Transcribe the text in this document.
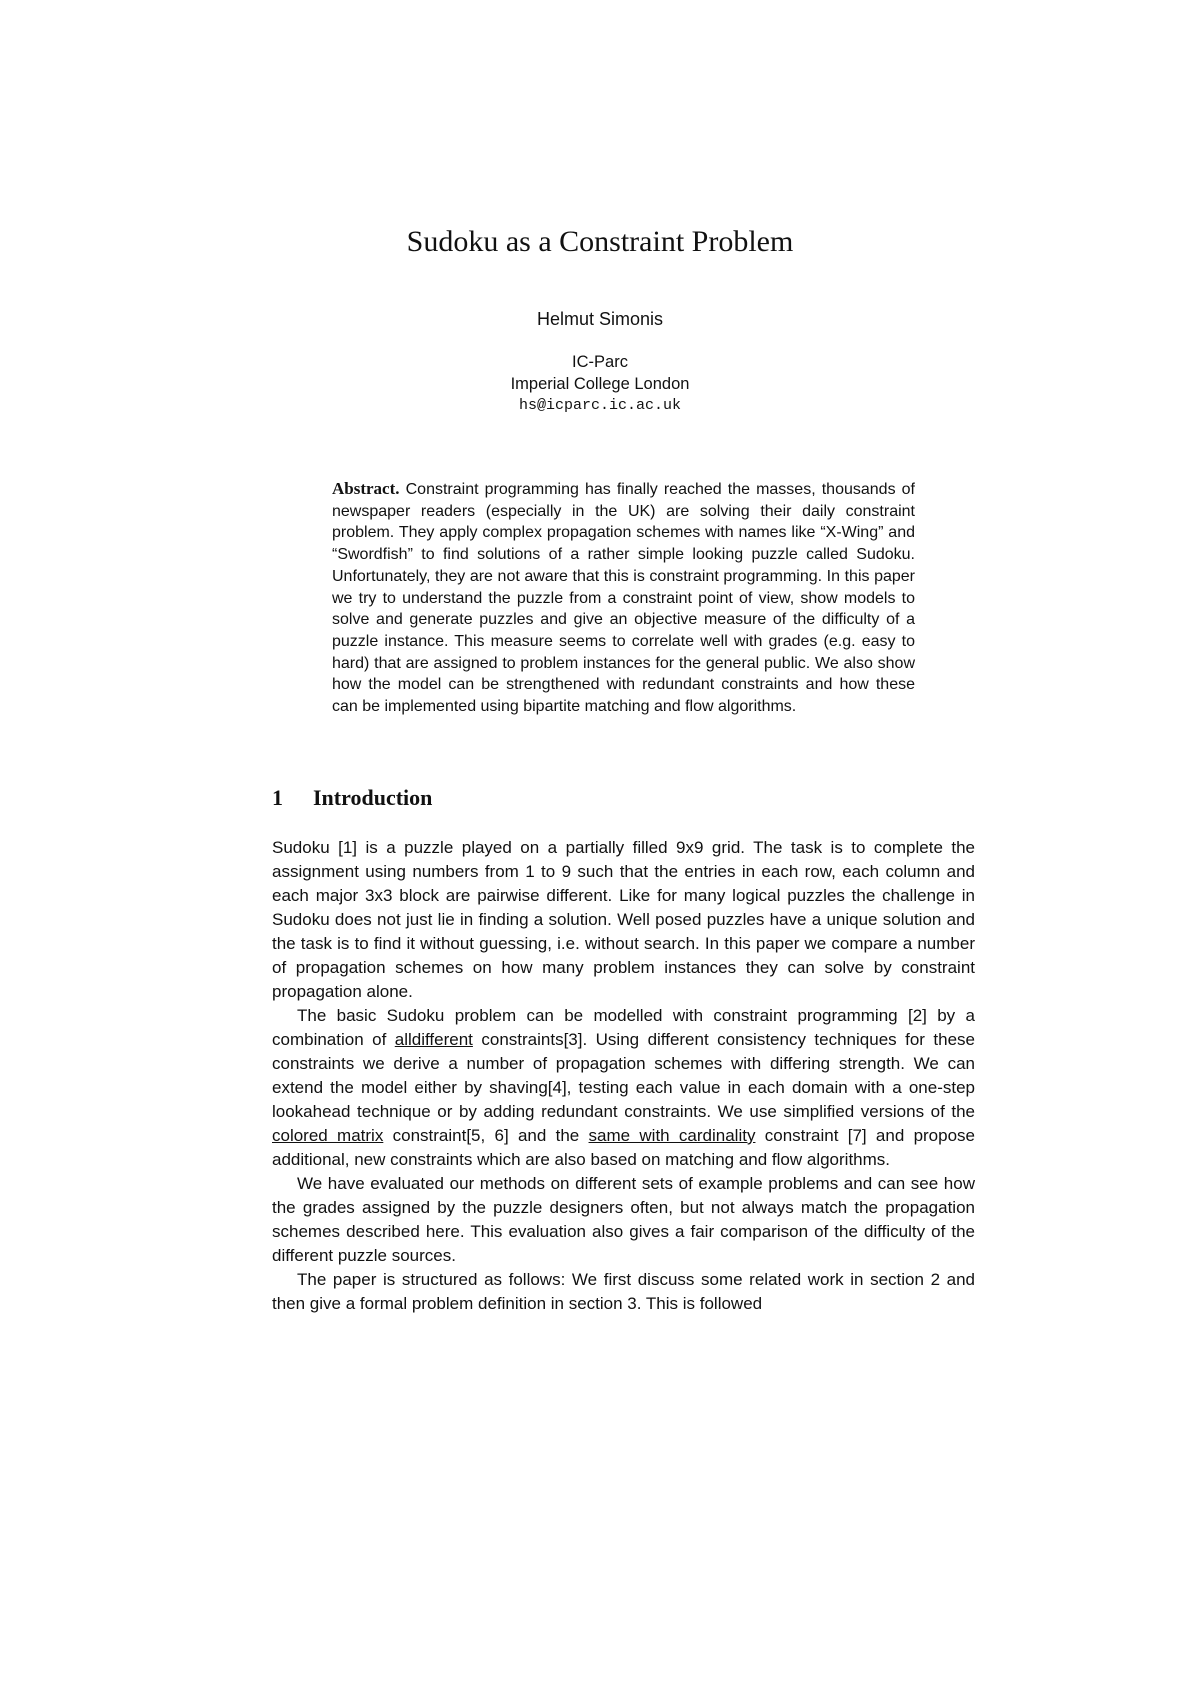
Sudoku as a Constraint Problem
Helmut Simonis
IC-Parc
Imperial College London
hs@icparc.ic.ac.uk
Abstract. Constraint programming has finally reached the masses, thousands of newspaper readers (especially in the UK) are solving their daily constraint problem. They apply complex propagation schemes with names like “X-Wing” and “Swordfish” to find solutions of a rather simple looking puzzle called Sudoku. Unfortunately, they are not aware that this is constraint programming. In this paper we try to understand the puzzle from a constraint point of view, show models to solve and generate puzzles and give an objective measure of the difficulty of a puzzle instance. This measure seems to correlate well with grades (e.g. easy to hard) that are assigned to problem instances for the general public. We also show how the model can be strengthened with redundant constraints and how these can be implemented using bipartite matching and flow algorithms.
1 Introduction

Sudoku [1] is a puzzle played on a partially filled 9x9 grid. The task is to complete the assignment using numbers from 1 to 9 such that the entries in each row, each column and each major 3x3 block are pairwise different. Like for many logical puzzles the challenge in Sudoku does not just lie in finding a solution. Well posed puzzles have a unique solution and the task is to find it without guessing, i.e. without search. In this paper we compare a number of propagation schemes on how many problem instances they can solve by constraint propagation alone.

The basic Sudoku problem can be modelled with constraint programming [2] by a combination of alldifferent constraints[3]. Using different consistency techniques for these constraints we derive a number of propagation schemes with differing strength. We can extend the model either by shaving[4], testing each value in each domain with a one-step lookahead technique or by adding redundant constraints. We use simplified versions of the colored matrix constraint[5, 6] and the same with cardinality constraint [7] and propose additional, new constraints which are also based on matching and flow algorithms.

We have evaluated our methods on different sets of example problems and can see how the grades assigned by the puzzle designers often, but not always match the propagation schemes described here. This evaluation also gives a fair comparison of the difficulty of the different puzzle sources.

The paper is structured as follows: We first discuss some related work in section 2 and then give a formal problem definition in section 3. This is followed
